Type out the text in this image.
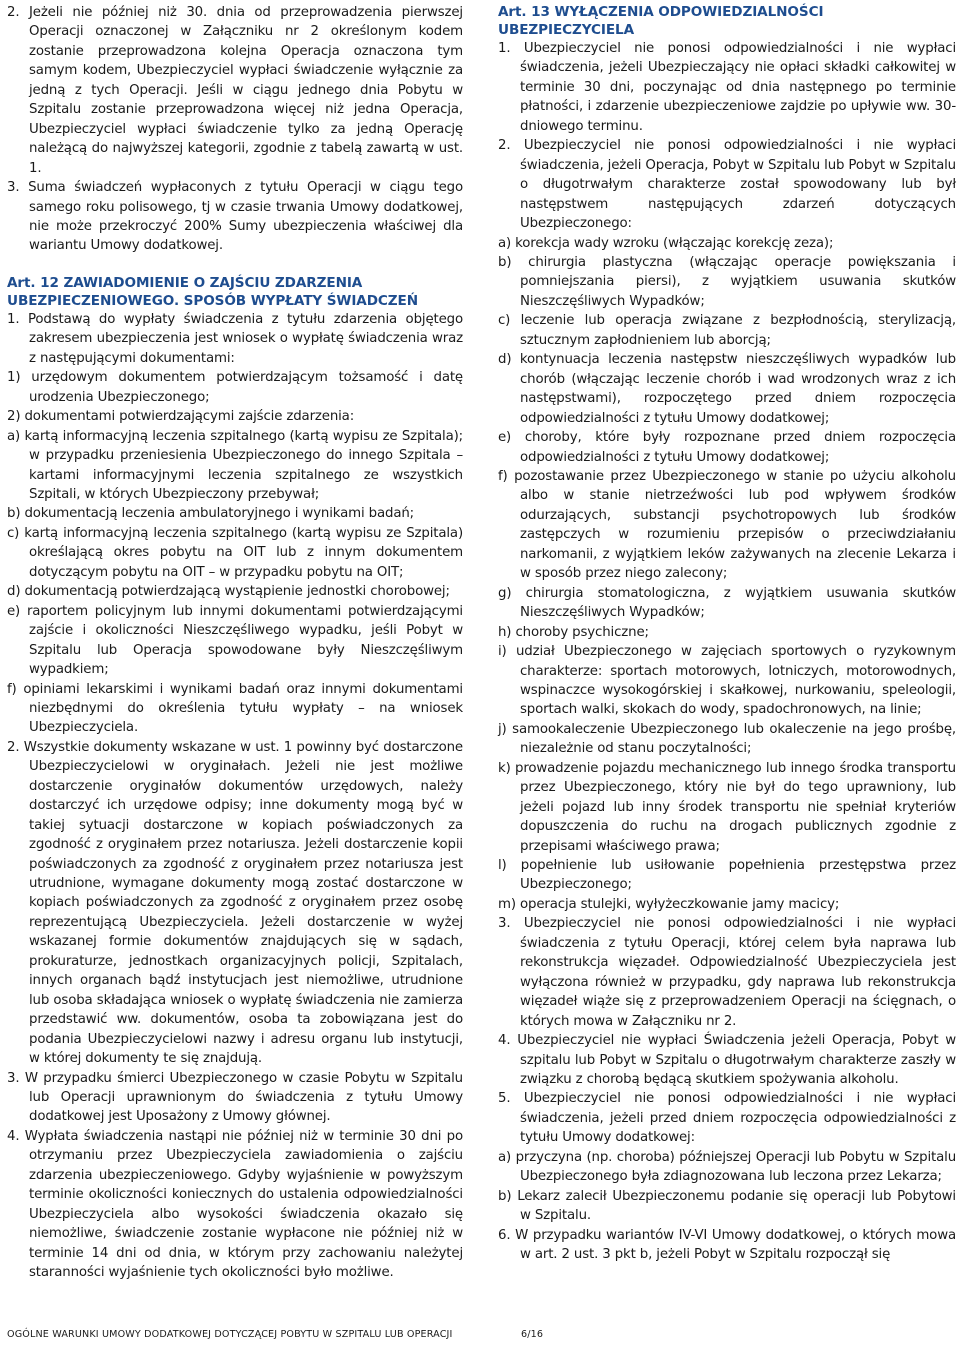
2. Jeżeli nie później niż 30. dnia od przeprowadzenia pierwszej Operacji oznaczonej w Załączniku nr 2 określonym kodem zostanie przeprowadzona kolejna Operacja oznaczona tym samym kodem, Ubezpieczyciel wypłaci świadczenie wyłącznie za jedną z tych Operacji. Jeśli w ciągu jednego dnia Pobytu w Szpitalu zostanie przeprowadzona więcej niż jedna Operacja, Ubezpieczyciel wypłaci świadczenie tylko za jedną Operację należącą do najwyższej kategorii, zgodnie z tabelą zawartą w ust. 1.

3. Suma świadczeń wypłaconych z tytułu Operacji w ciągu tego samego roku polisowego, tj w czasie trwania Umowy dodatkowej, nie może przekroczyć 200% Sumy ubezpieczenia właściwej dla wariantu Umowy dodatkowej.

Art. 12 ZAWIADOMIENIE O ZAJŚCIU ZDARZENIA

UBEZPIECZENIOWEGO. SPOSÓB WYPŁATY ŚWIADCZEŃ

1. Podstawą do wypłaty świadczenia z tytułu zdarzenia objętego zakresem ubezpieczenia jest wniosek o wypłatę świadczenia wraz z następującymi dokumentami:

1) urzędowym dokumentem potwierdzającym tożsamość i datę urodzenia Ubezpieczonego;

2) dokumentami potwierdzającymi zajście zdarzenia:

a) kartą informacyjną leczenia szpitalnego (kartą wypisu ze Szpitala); w przypadku przeniesienia Ubezpieczonego do innego Szpitala – kartami informacyjnymi leczenia szpitalnego ze wszystkich Szpitali, w których Ubezpieczony przebywał;

b) dokumentacją leczenia ambulatoryjnego i wynikami badań;

c) kartą informacyjną leczenia szpitalnego (kartą wypisu ze Szpitala) określającą okres pobytu na OIT lub z innym dokumentem dotyczącym pobytu na OIT – w przypadku pobytu na OIT;

d) dokumentacją potwierdzającą wystąpienie jednostki chorobowej;

e) raportem policyjnym lub innymi dokumentami potwierdzającymi zajście i okoliczności Nieszczęśliwego wypadku, jeśli Pobyt w Szpitalu lub Operacja spowodowane były Nieszczęśliwym wypadkiem;

f) opiniami lekarskimi i wynikami badań oraz innymi dokumentami niezbędnymi do określenia tytułu wypłaty – na wniosek Ubezpieczyciela.

2. Wszystkie dokumenty wskazane w ust. 1 powinny być dostarczone Ubezpieczycielowi w oryginałach. Jeżeli nie jest możliwe dostarczenie oryginałów dokumentów urzędowych, należy dostarczyć ich urzędowe odpisy; inne dokumenty mogą być w takiej sytuacji dostarczone w kopiach poświadczonych za zgodność z oryginałem przez notariusza. Jeżeli dostarczenie kopii poświadczonych za zgodność z oryginałem przez notariusza jest utrudnione, wymagane dokumenty mogą zostać dostarczone w kopiach poświadczonych za zgodność z oryginałem przez osobę reprezentującą Ubezpieczyciela. Jeżeli dostarczenie w wyżej wskazanej formie dokumentów znajdujących się w sądach, prokuraturze, jednostkach organizacyjnych policji, Szpitalach, innych organach bądź instytucjach jest niemożliwe, utrudnione lub osoba składająca wniosek o wypłatę świadczenia nie zamierza przedstawić ww. dokumentów, osoba ta zobowiązana jest do podania Ubezpieczycielowi nazwy i adresu organu lub instytucji, w której dokumenty te się znajdują.

3. W przypadku śmierci Ubezpieczonego w czasie Pobytu w Szpitalu lub Operacji uprawnionym do świadczenia z tytułu Umowy dodatkowej jest Uposażony z Umowy głównej.

4. Wypłata świadczenia nastąpi nie później niż w terminie 30 dni po otrzymaniu przez Ubezpieczyciela zawiadomienia o zajściu zdarzenia ubezpieczeniowego. Gdyby wyjaśnienie w powyższym terminie okoliczności koniecznych do ustalenia odpowiedzialności Ubezpieczyciela albo wysokości świadczenia okazało się niemożliwe, świadczenie zostanie wypłacone nie później niż w terminie 14 dni od dnia, w którym przy zachowaniu należytej staranności wyjaśnienie tych okoliczności było możliwe.

Art. 13 WYŁĄCZENIA ODPOWIEDZIALNOŚCI

UBEZPIECZYCIELA

1. Ubezpieczyciel nie ponosi odpowiedzialności i nie wypłaci świadczenia, jeżeli Ubezpieczający nie opłaci składki całkowitej w terminie 30 dni, poczynając od dnia następnego po terminie płatności, i zdarzenie ubezpieczeniowe zajdzie po upływie ww. 30-dniowego terminu.

2. Ubezpieczyciel nie ponosi odpowiedzialności i nie wypłaci świadczenia, jeżeli Operacja, Pobyt w Szpitalu lub Pobyt w Szpitalu o długotrwałym charakterze został spowodowany lub był następstwem następujących zdarzeń dotyczących Ubezpieczonego:

a) korekcja wady wzroku (włączając korekcję zeza);

b) chirurgia plastyczna (włączając operacje powiększania i pomniejszania piersi), z wyjątkiem usuwania skutków Nieszczęśliwych Wypadków;

c) leczenie lub operacja związane z bezpłodnością, sterylizacją, sztucznym zapłodnieniem lub aborcją;

d) kontynuacja leczenia następstw nieszczęśliwych wypadków lub chorób (włączając leczenie chorób i wad wrodzonych wraz z ich następstwami), rozpoczętego przed dniem rozpoczęcia odpowiedzialności z tytułu Umowy dodatkowej;

e) choroby, które były rozpoznane przed dniem rozpoczęcia odpowiedzialności z tytułu Umowy dodatkowej;

f) pozostawanie przez Ubezpieczonego w stanie po użyciu alkoholu albo w stanie nietrzeźwości lub pod wpływem środków odurzających, substancji psychotropowych lub środków zastępczych w rozumieniu przepisów o przeciwdziałaniu narkomanii, z wyjątkiem leków zażywanych na zlecenie Lekarza i w sposób przez niego zalecony;

g) chirurgia stomatologiczna, z wyjątkiem usuwania skutków Nieszczęśliwych Wypadków;

h) choroby psychiczne;

i) udział Ubezpieczonego w zajęciach sportowych o ryzykownym charakterze: sportach motorowych, lotniczych, motorowodnych, wspinaczce wysokogórskiej i skałkowej, nurkowaniu, speleologii, sportach walki, skokach do wody, spadochronowych, na linie;

j) samookaleczenie Ubezpieczonego lub okaleczenie na jego prośbę, niezależnie od stanu poczytalności;

k) prowadzenie pojazdu mechanicznego lub innego środka transportu przez Ubezpieczonego, który nie był do tego uprawniony, lub jeżeli pojazd lub inny środek transportu nie spełniał kryteriów dopuszczenia do ruchu na drogach publicznych zgodnie z przepisami właściwego prawa;

l) popełnienie lub usiłowanie popełnienia przestępstwa przez Ubezpieczonego;

m) operacja stulejki, wyłyżeczkowanie jamy macicy;

3. Ubezpieczyciel nie ponosi odpowiedzialności i nie wypłaci świadczenia z tytułu Operacji, której celem była naprawa lub rekonstrukcja więzadeł. Odpowiedzialność Ubezpieczyciela jest wyłączona również w przypadku, gdy naprawa lub rekonstrukcja więzadeł wiąże się z przeprowadzeniem Operacji na ścięgnach, o których mowa w Załączniku nr 2.

4. Ubezpieczyciel nie wypłaci Świadczenia jeżeli Operacja, Pobyt w szpitalu lub Pobyt w Szpitalu o długotrwałym charakterze zaszły w związku z chorobą będącą skutkiem spożywania alkoholu.

5. Ubezpieczyciel nie ponosi odpowiedzialności i nie wypłaci świadczenia, jeżeli przed dniem rozpoczęcia odpowiedzialności z tytułu Umowy dodatkowej:

a) przyczyna (np. choroba) późniejszej Operacji lub Pobytu w Szpitalu Ubezpieczonego była zdiagnozowana lub leczona przez Lekarza;

b) Lekarz zalecił Ubezpieczonemu podanie się operacji lub Pobytowi w Szpitalu.

6. W przypadku wariantów IV-VI Umowy dodatkowej, o których mowa w art. 2 ust. 3 pkt b, jeżeli Pobyt w Szpitalu rozpoczął się

OGÓLNE WARUNKI UMOWY DODATKOWEJ DOTYCZĄCEJ POBYTU W SZPITALU LUB OPERACJI	6/16
